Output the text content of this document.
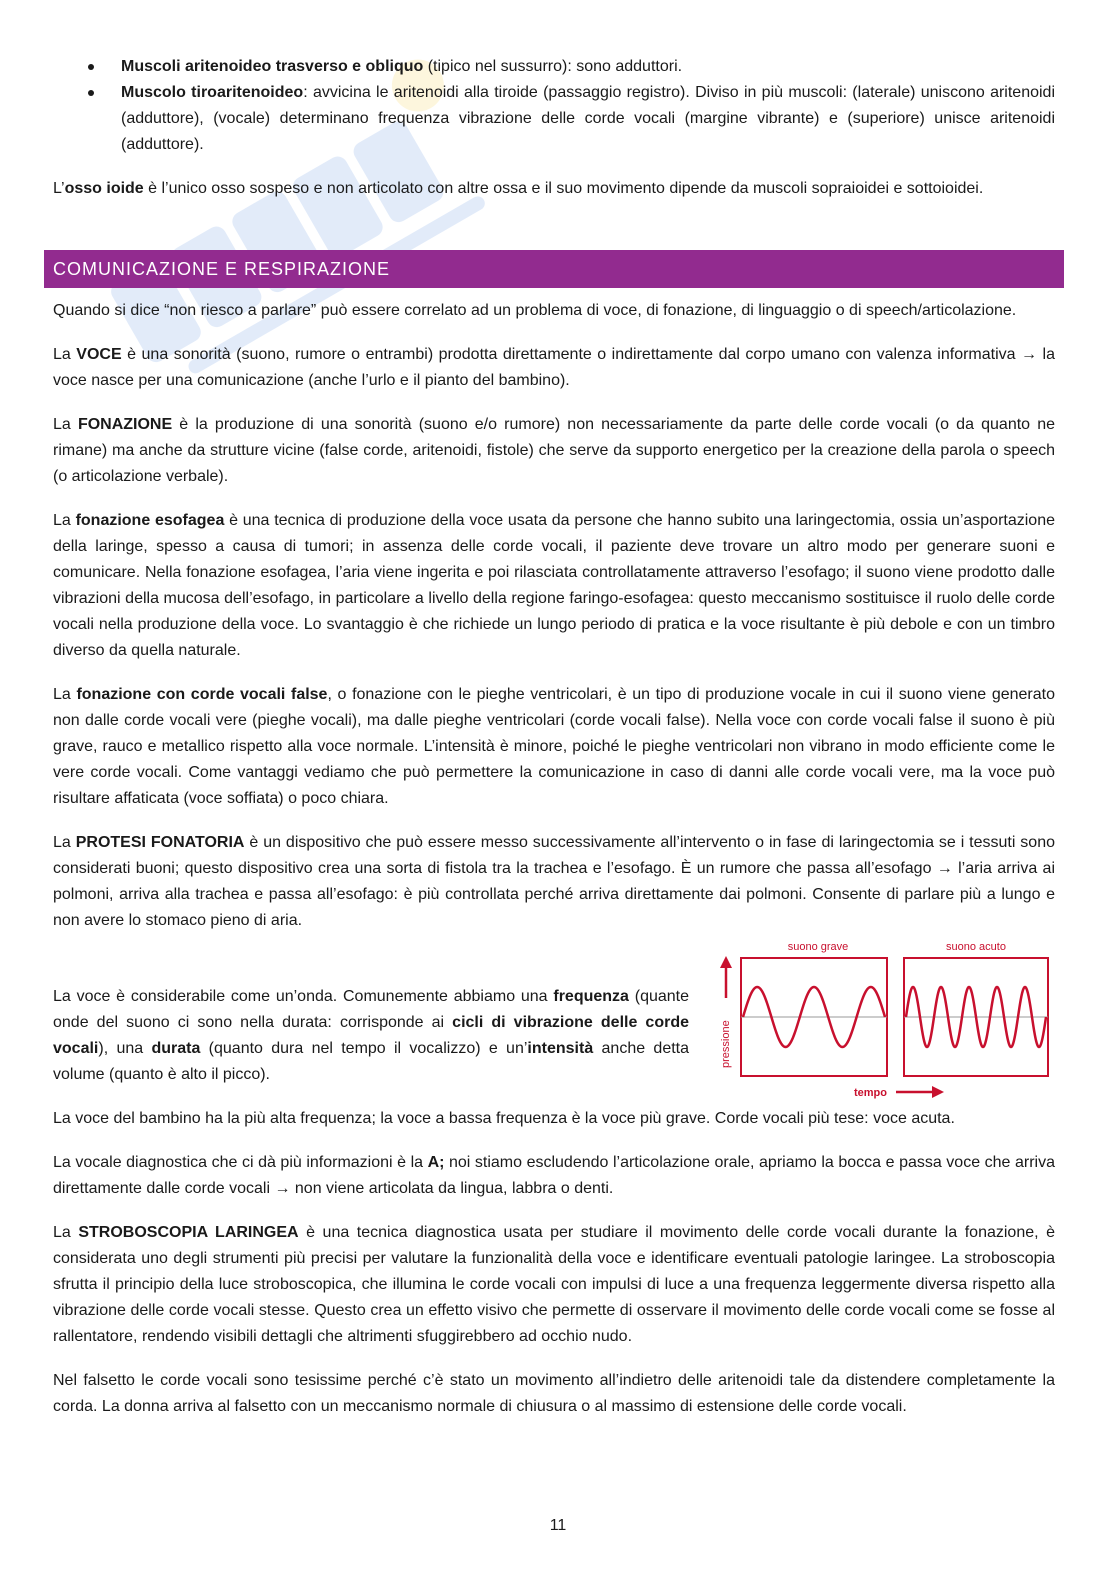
Muscoli aritenoideo trasverso e obliquo (tipico nel sussurro): sono adduttori.
Muscolo tiroaritenoideo: avvicina le aritenoidi alla tiroide (passaggio registro). Diviso in più muscoli: (laterale) uniscono aritenoidi (adduttore), (vocale) determinano frequenza vibrazione delle corde vocali (margine vibrante) e (superiore) unisce aritenoidi (adduttore).

L’osso ioide è l’unico osso sospeso e non articolato con altre ossa e il suo movimento dipende da muscoli sopraioidei e sottoioidei.

COMUNICAZIONE E RESPIRAZIONE

Quando si dice “non riesco a parlare” può essere correlato ad un problema di voce, di fonazione, di linguaggio o di speech/articolazione.

La VOCE è una sonorità (suono, rumore o entrambi) prodotta direttamente o indirettamente dal corpo umano con valenza informativa → la voce nasce per una comunicazione (anche l’urlo e il pianto del bambino).

La FONAZIONE è la produzione di una sonorità (suono e/o rumore) non necessariamente da parte delle corde vocali (o da quanto ne rimane) ma anche da strutture vicine (false corde, aritenoidi, fistole) che serve da supporto energetico per la creazione della parola o speech (o articolazione verbale).

La fonazione esofagea è una tecnica di produzione della voce usata da persone che hanno subito una laringectomia, ossia un’asportazione della laringe, spesso a causa di tumori; in assenza delle corde vocali, il paziente deve trovare un altro modo per generare suoni e comunicare. Nella fonazione esofagea, l’aria viene ingerita e poi rilasciata controllatamente attraverso l’esofago; il suono viene prodotto dalle vibrazioni della mucosa dell’esofago, in particolare a livello della regione faringo-esofagea: questo meccanismo sostituisce il ruolo delle corde vocali nella produzione della voce. Lo svantaggio è che richiede un lungo periodo di pratica e la voce risultante è più debole e con un timbro diverso da quella naturale.

La fonazione con corde vocali false, o fonazione con le pieghe ventricolari, è un tipo di produzione vocale in cui il suono viene generato non dalle corde vocali vere (pieghe vocali), ma dalle pieghe ventricolari (corde vocali false). Nella voce con corde vocali false il suono è più grave, rauco e metallico rispetto alla voce normale. L’intensità è minore, poiché le pieghe ventricolari non vibrano in modo efficiente come le vere corde vocali. Come vantaggi vediamo che può permettere la comunicazione in caso di danni alle corde vocali vere, ma la voce può risultare affaticata (voce soffiata) o poco chiara.

La PROTESI FONATORIA è un dispositivo che può essere messo successivamente all’intervento o in fase di laringectomia se i tessuti sono considerati buoni; questo dispositivo crea una sorta di fistola tra la trachea e l’esofago. È un rumore che passa all’esofago → l’aria arriva ai polmoni, arriva alla trachea e passa all’esofago: è più controllata perché arriva direttamente dai polmoni. Consente di parlare più a lungo e non avere lo stomaco pieno di aria.

La voce è considerabile come un’onda. Comunemente abbiamo una frequenza (quante onde del suono ci sono nella durata: corrisponde ai cicli di vibrazione delle corde vocali), una durata (quanto dura nel tempo il vocalizzo) e un’intensità anche detta volume (quanto è alto il picco).

suono grave	suono acuto
pressione
tempo

La voce del bambino ha la più alta frequenza; la voce a bassa frequenza è la voce più grave. Corde vocali più tese: voce acuta.

La vocale diagnostica che ci dà più informazioni è la A; noi stiamo escludendo l’articolazione orale, apriamo la bocca e passa voce che arriva direttamente dalle corde vocali → non viene articolata da lingua, labbra o denti.

La STROBOSCOPIA LARINGEA è una tecnica diagnostica usata per studiare il movimento delle corde vocali durante la fonazione, è considerata uno degli strumenti più precisi per valutare la funzionalità della voce e identificare eventuali patologie laringee. La stroboscopia sfrutta il principio della luce stroboscopica, che illumina le corde vocali con impulsi di luce a una frequenza leggermente diversa rispetto alla vibrazione delle corde vocali stesse. Questo crea un effetto visivo che permette di osservare il movimento delle corde vocali come se fosse al rallentatore, rendendo visibili dettagli che altrimenti sfuggirebbero ad occhio nudo.

Nel falsetto le corde vocali sono tesissime perché c’è stato un movimento all’indietro delle aritenoidi tale da distendere completamente la corda. La donna arriva al falsetto con un meccanismo normale di chiusura o al massimo di estensione delle corde vocali.

11
